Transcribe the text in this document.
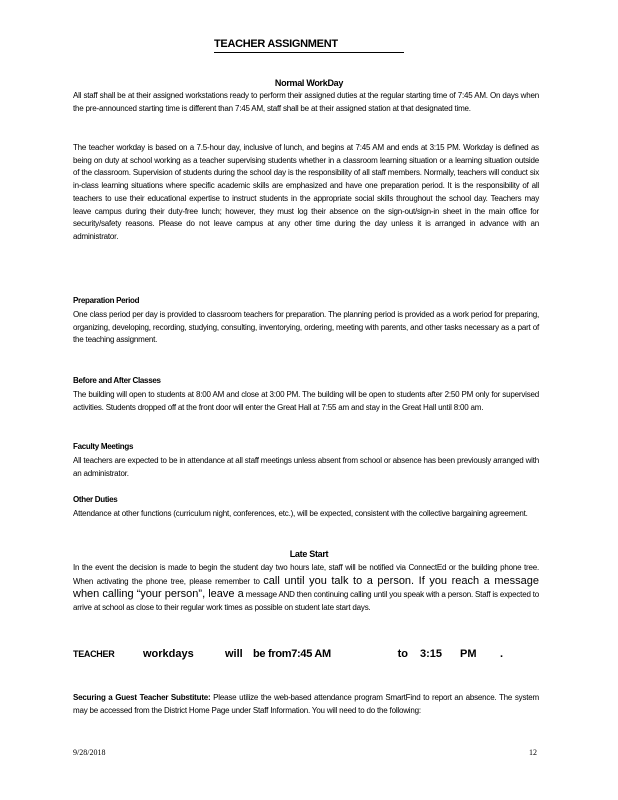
TEACHER ASSIGNMENT
Normal WorkDay

All staff shall be at their assigned workstations ready to perform their assigned duties at the regular starting time of 7:45 AM. On days when the pre-announced starting time is different than 7:45 AM, staff shall be at their assigned station at that designated time.

The teacher workday is based on a 7.5-hour day, inclusive of lunch, and begins at 7:45 AM and ends at 3:15 PM. Workday is defined as being on duty at school working as a teacher supervising students whether in a classroom learning situation or a learning situation outside of the classroom. Supervision of students during the school day is the responsibility of all staff members. Normally, teachers will conduct six in-class learning situations where specific academic skills are emphasized and have one preparation period. It is the responsibility of all teachers to use their educational expertise to instruct students in the appropriate social skills throughout the school day. Teachers may leave campus during their duty-free lunch; however, they must log their absence on the sign-out/sign-in sheet in the main office for security/safety reasons. Please do not leave campus at any other time during the day unless it is arranged in advance with an administrator.

Preparation Period

One class period per day is provided to classroom teachers for preparation. The planning period is provided as a work period for preparing, organizing, developing, recording, studying, consulting, inventorying, ordering, meeting with parents, and other tasks necessary as a part of the teaching assignment.

Before and After Classes

The building will open to students at 8:00 AM and close at 3:00 PM. The building will be open to students after 2:50 PM only for supervised activities. Students dropped off at the front door will enter the Great Hall at 7:55 am and stay in the Great Hall until 8:00 am.

Faculty Meetings

All teachers are expected to be in attendance at all staff meetings unless absent from school or absence has been previously arranged with an administrator.

Other Duties

Attendance at other functions (curriculum night, conferences, etc.), will be expected, consistent with the collective bargaining agreement.

Late Start

In the event the decision is made to begin the student day two hours late, staff will be notified via ConnectEd or the building phone tree. When activating the phone tree, please remember to call until you talk to a person. If you reach a message when calling “your person”, leave a message AND then continuing calling until you speak with a person. Staff is expected to arrive at school as close to their regular work times as possible on student late start days.

TEACHER	workdays	will be from7:45 AM	to 3:15 PM .

Securing a Guest Teacher Substitute: Please utilize the web-based attendance program SmartFind to report an absence. The system may be accessed from the District Home Page under Staff Information. You will need to do the following:

9/28/2018	12
